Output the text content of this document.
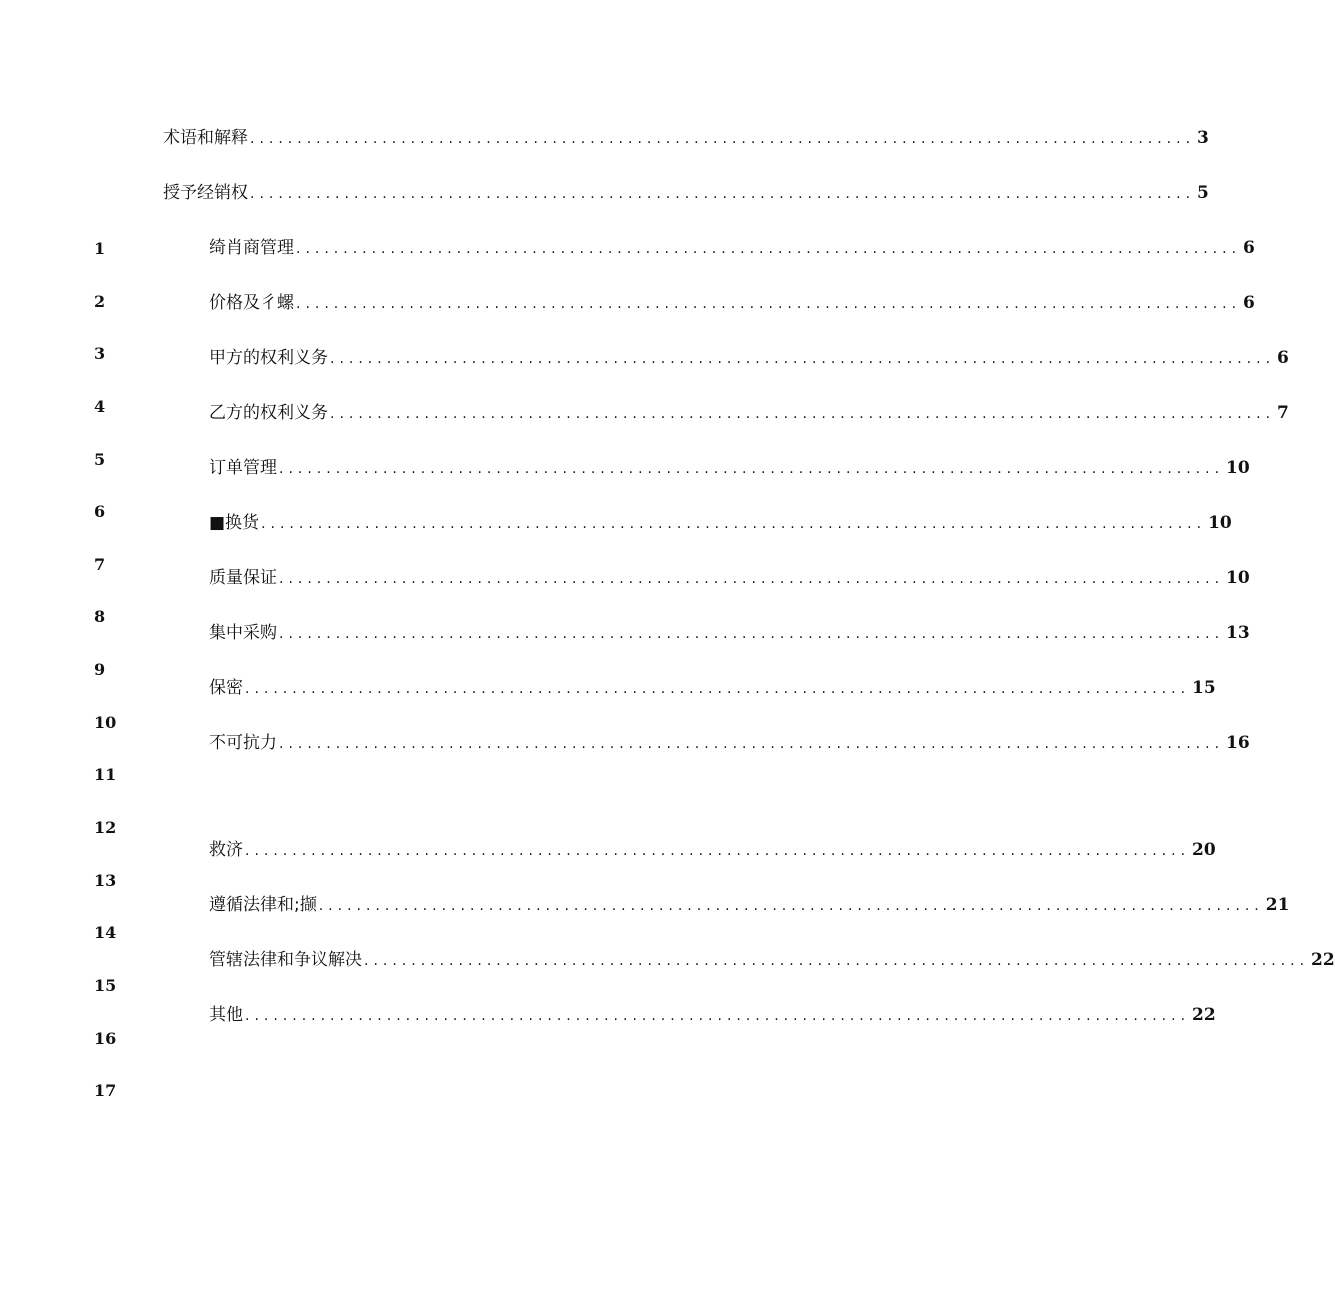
1
2
3
4
5
6
7
8
9
10
11
12
13
14
15
16
17
术语和解释 .................................................................................................... 3
授予经销权 .................................................................................................... 5
绮肖商管理 .................................................................................................... 6
价格及彳螺 .................................................................................................... 6
甲方的权利义务 .................................................................................................... 6
乙方的权利义务 .................................................................................................... 7
订单管理 .................................................................................................... 10
■换货 .................................................................................................... 10
质量保证 .................................................................................................... 10
集中采购 .................................................................................................... 13
保密 .................................................................................................... 15
不可抗力 .................................................................................................... 16
救济 .................................................................................................... 20
遵循法律和;撷 .................................................................................................... 21
管辖法律和争议解决 .................................................................................................... 22
其他 .................................................................................................... 22
